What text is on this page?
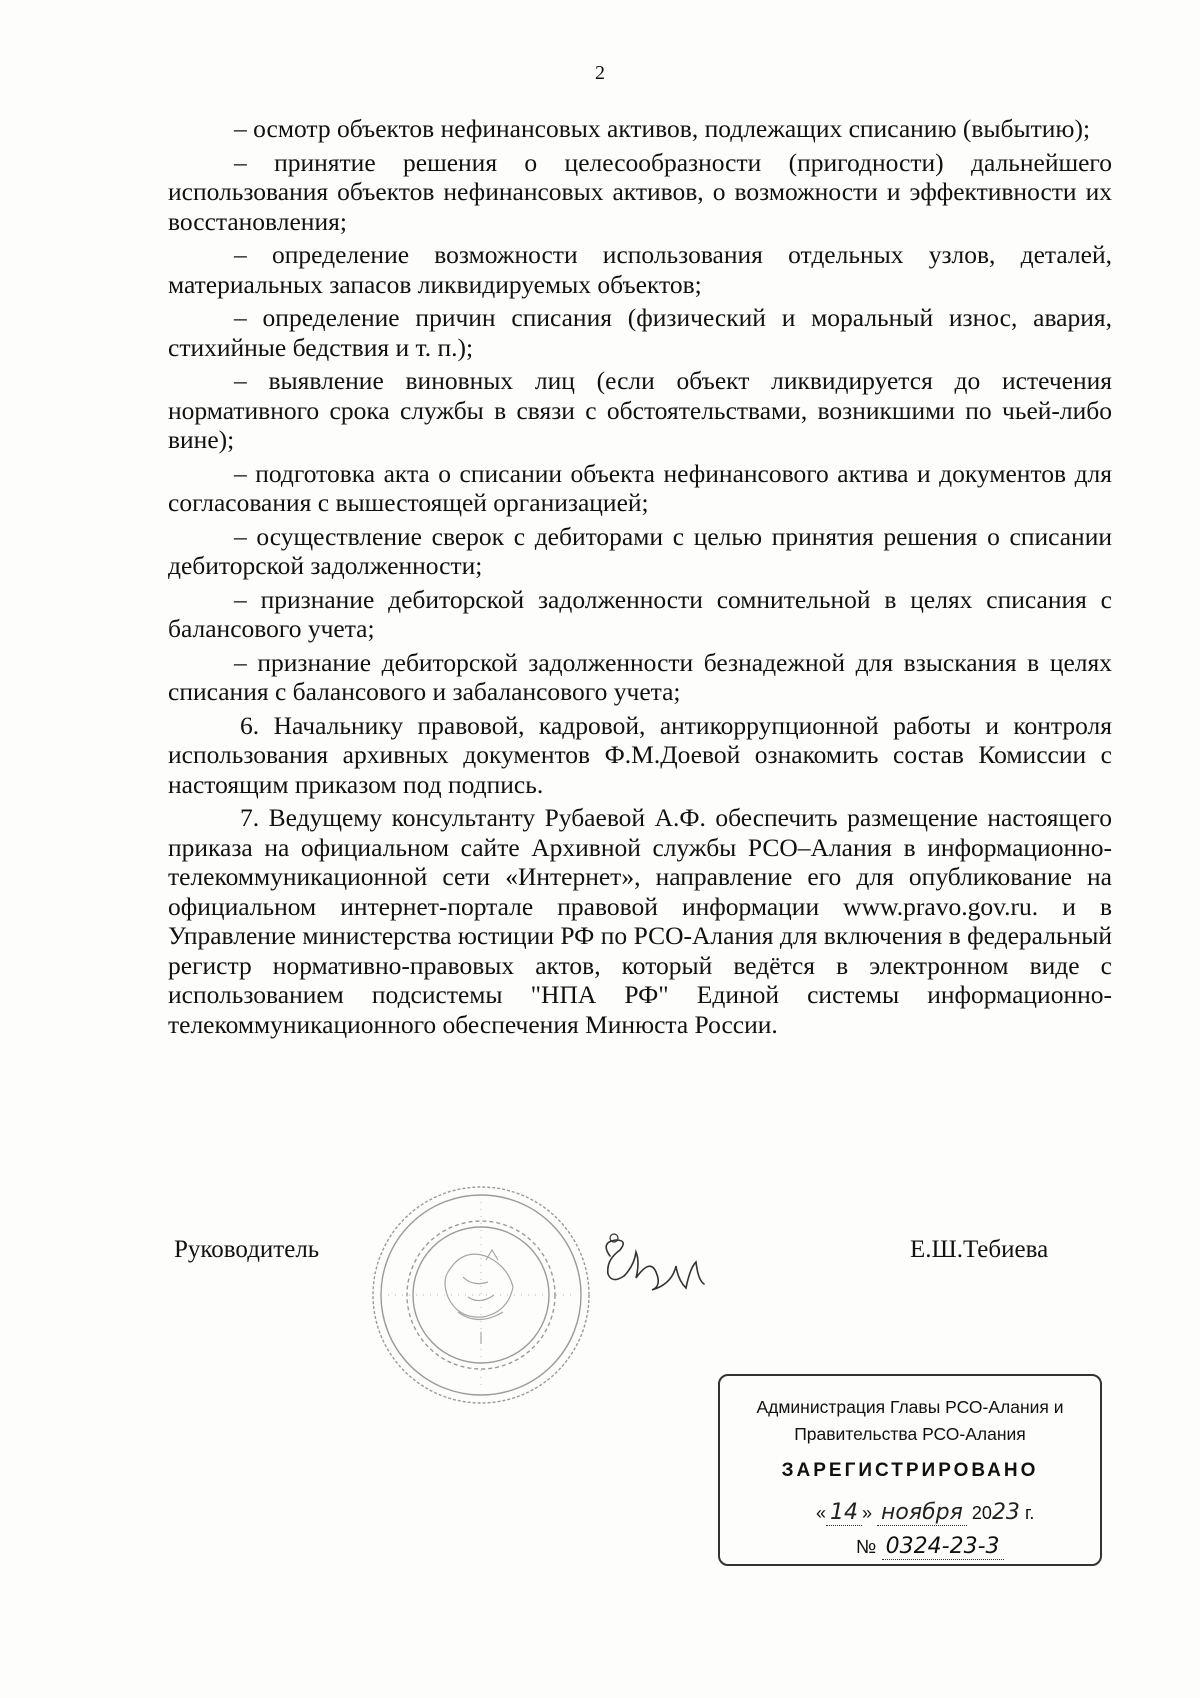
2

– осмотр объектов нефинансовых активов, подлежащих списанию (выбытию);

– принятие решения о целесообразности (пригодности) дальнейшего использования объектов нефинансовых активов, о возможности и эффективности их восстановления;

– определение возможности использования отдельных узлов, деталей, материальных запасов ликвидируемых объектов;

– определение причин списания (физический и моральный износ, авария, стихийные бедствия и т. п.);

– выявление виновных лиц (если объект ликвидируется до истечения нормативного срока службы в связи с обстоятельствами, возникшими по чьей-либо вине);

– подготовка акта о списании объекта нефинансового актива и документов для согласования с вышестоящей организацией;

– осуществление сверок с дебиторами с целью принятия решения о списании дебиторской задолженности;

– признание дебиторской задолженности сомнительной в целях списания с балансового учета;

– признание дебиторской задолженности безнадежной для взыскания в целях списания с балансового и забалансового учета;

6. Начальнику правовой, кадровой, антикоррупционной работы и контроля использования архивных документов Ф.М.Доевой ознакомить состав Комиссии с настоящим приказом под подпись.

7. Ведущему консультанту Рубаевой А.Ф. обеспечить размещение настоящего приказа на официальном сайте Архивной службы РСО–Алания в информационно-телекоммуникационной сети «Интернет», направление его для опубликование на официальном интернет-портале правовой информации www.pravo.gov.ru. и в Управление министерства юстиции РФ по РСО-Алания для включения в федеральный регистр нормативно-правовых актов, который ведётся в электронном виде с использованием подсистемы "НПА РФ" Единой системы информационно-телекоммуникационного обеспечения Минюста России.

Руководитель	Е.Ш.Тебиева
Администрация Главы РСО-Алания и
Правительства РСО-Алания
ЗАРЕГИСТРИРОВАНО
« 14 » ноября 2023 г.
№ 0324-23-3
